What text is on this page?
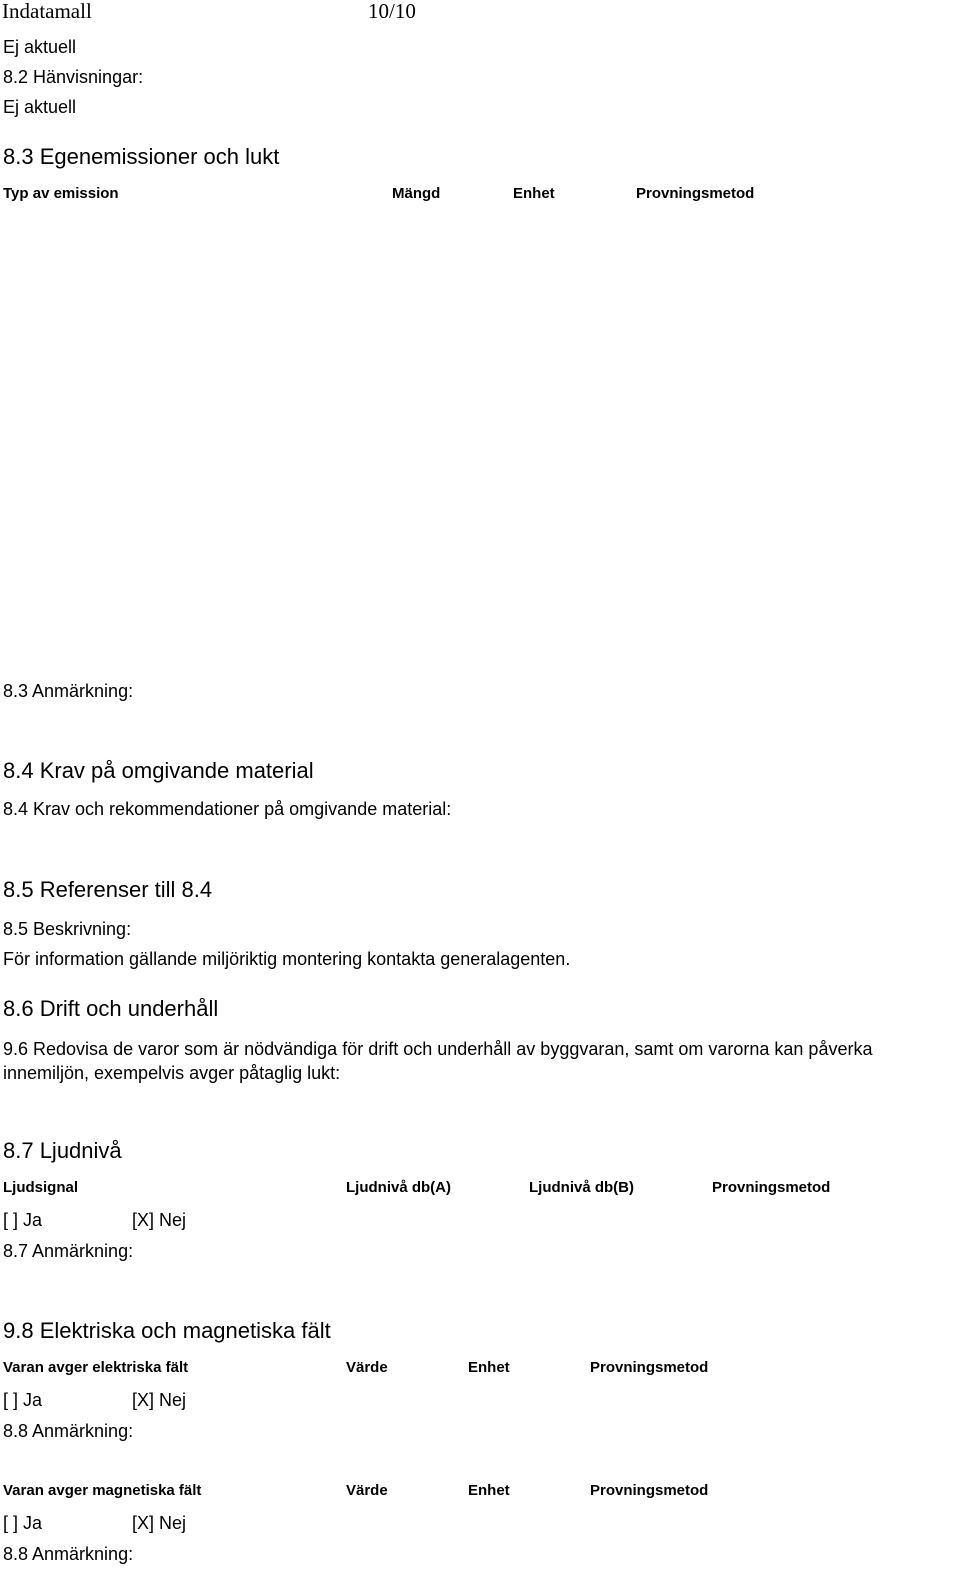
Indatamall	10/10
Ej aktuell
8.2 Hänvisningar:
Ej aktuell
8.3 Egenemissioner och lukt
Typ av emission	Mängd	Enhet	Provningsmetod
8.3 Anmärkning:
8.4 Krav på omgivande material
8.4 Krav och rekommendationer på omgivande material:
8.5 Referenser till 8.4
8.5 Beskrivning:
För information gällande miljöriktig montering kontakta generalagenten.
8.6 Drift och underhåll
9.6 Redovisa de varor som är nödvändiga för drift och underhåll av byggvaran, samt om varorna kan påverka innemiljön, exempelvis avger påtaglig lukt:
8.7 Ljudnivå
Ljudsignal	Ljudnivå db(A)	Ljudnivå db(B)	Provningsmetod
[ ] Ja	[X] Nej
8.7 Anmärkning:
9.8 Elektriska och magnetiska fält
Varan avger elektriska fält	Värde	Enhet	Provningsmetod
[ ] Ja	[X] Nej
8.8 Anmärkning:
Varan avger magnetiska fält	Värde	Enhet	Provningsmetod
[ ] Ja	[X] Nej
8.8 Anmärkning:
